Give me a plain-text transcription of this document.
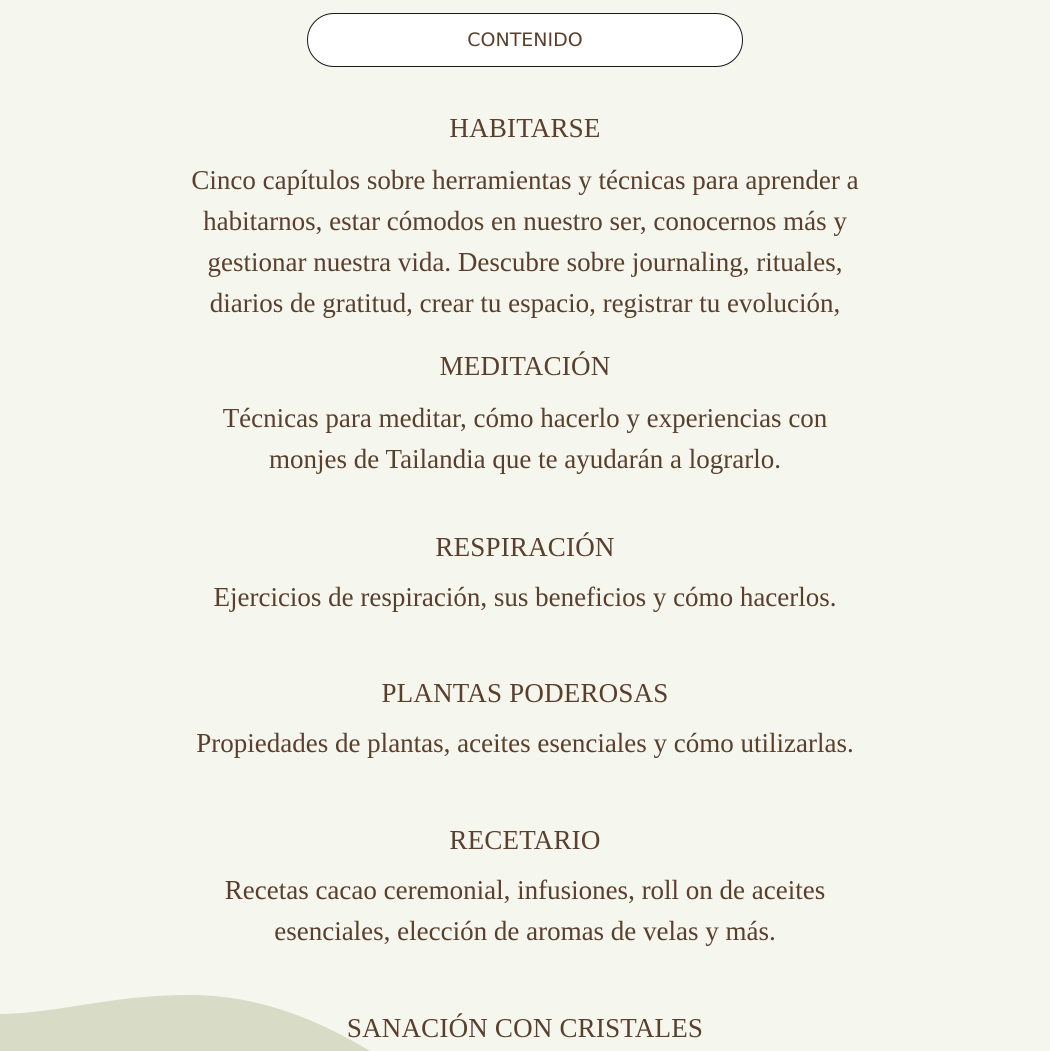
CONTENIDO
HABITARSE
Cinco capítulos sobre herramientas y técnicas para aprender a
habitarnos, estar cómodos en nuestro ser, conocernos más y
gestionar nuestra vida. Descubre sobre journaling, rituales,
diarios de gratitud, crear tu espacio, registrar tu evolución,
MEDITACIÓN
Técnicas para meditar, cómo hacerlo y experiencias con
monjes de Tailandia que te ayudarán a lograrlo.
RESPIRACIÓN
Ejercicios de respiración, sus beneficios y cómo hacerlos.
PLANTAS PODEROSAS
Propiedades de plantas, aceites esenciales y cómo utilizarlas.
RECETARIO
Recetas cacao ceremonial, infusiones, roll on de aceites
esenciales, elección de aromas de velas y más.
SANACIÓN CON CRISTALES
